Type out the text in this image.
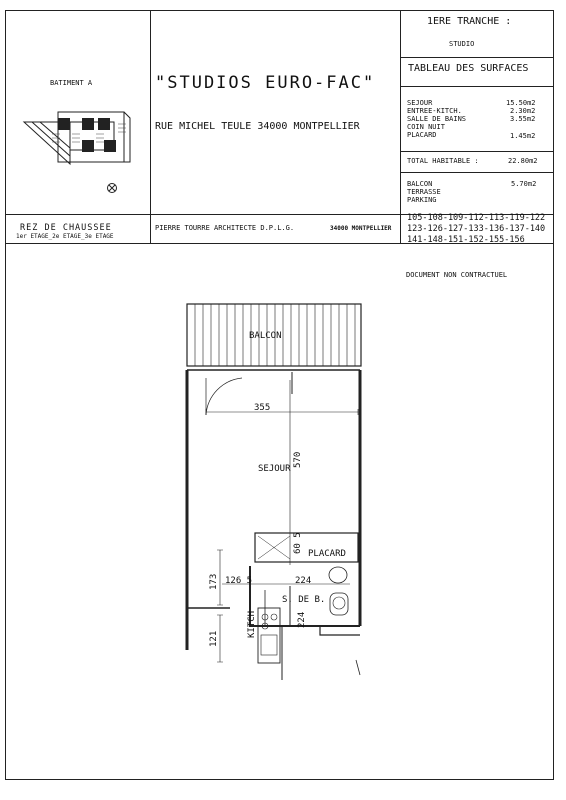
BATIMENT A	"STUDIOS EURO-FAC"
RUE MICHEL TEULE 34000 MONTPELLIER
1ERE TRANCHE :
STUDIO
TABLEAU DES SURFACES
SEJOUR	15.50m2
ENTREE-KITCH.	2.30m2
SALLE DE BAINS	3.55m2
COIN NUIT
PLACARD	1.45m2
TOTAL HABITABLE :	22.80m2
BALCON	5.70m2
TERRASSE
PARKING
REZ DE CHAUSSEE
1er ETAGE_2e ETAGE_3e ETAGE
PIERRE TOURRE ARCHITECTE D.P.L.G.	34000 MONTPELLIER
105-108-109-112-113-119-122
123-126-127-133-136-137-140
141-148-151-152-155-156
DOCUMENT NON CONTRACTUEL
BALCON
SEJOUR
PLACARD
S. DE B.
355
126 5	224
570
173
60 5
224
121
KITCH
